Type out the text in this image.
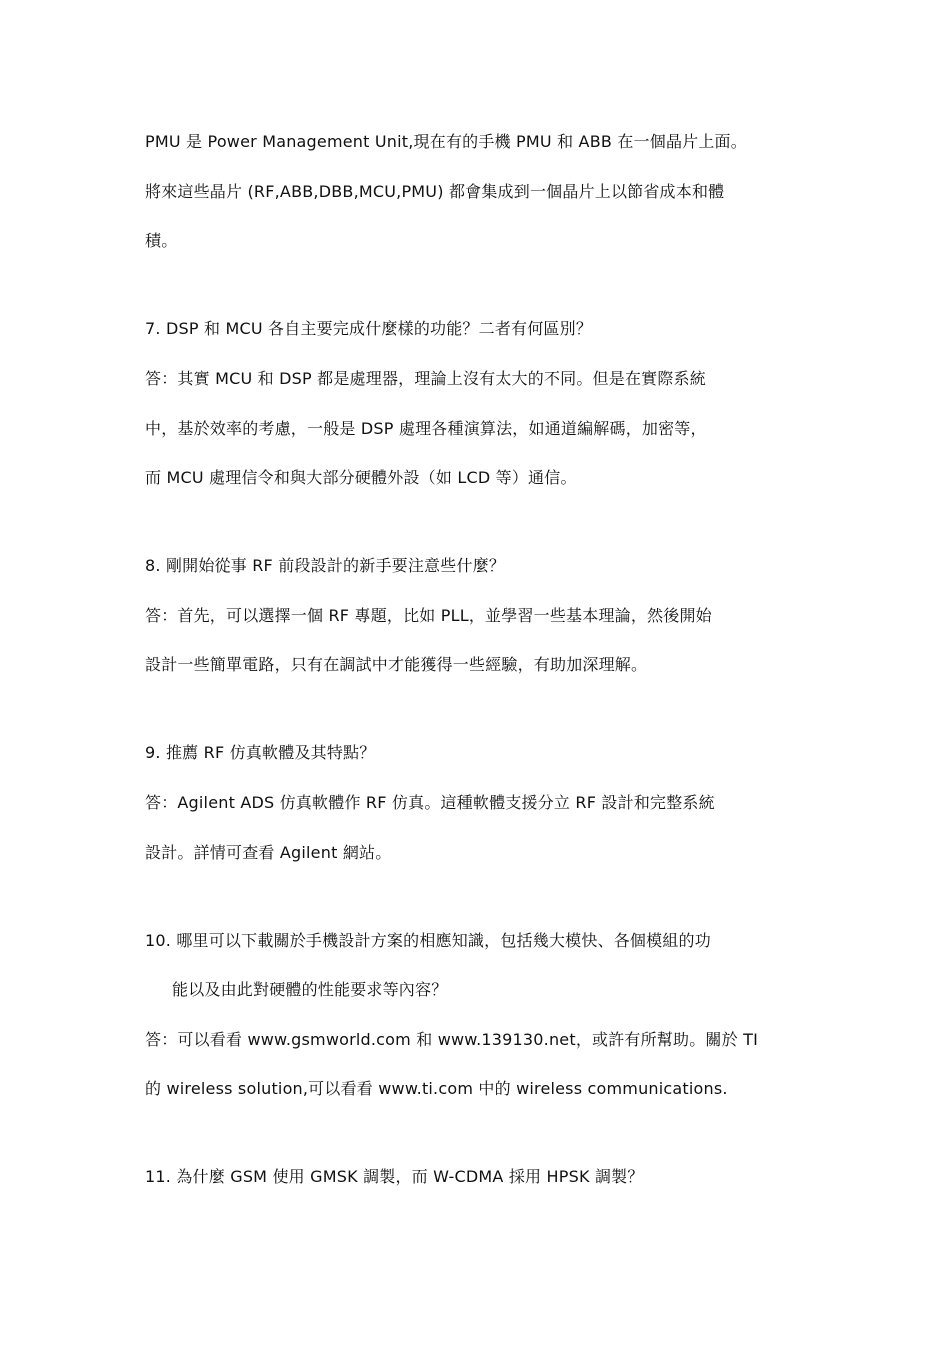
PMU 是 Power Management Unit,現在有的手機 PMU 和 ABB 在一個晶片上面。
將來這些晶片 (RF,ABB,DBB,MCU,PMU) 都會集成到一個晶片上以節省成本和體
積。
7. DSP 和 MCU 各自主要完成什麼樣的功能？二者有何區別？
答：其實 MCU 和 DSP 都是處理器，理論上沒有太大的不同。但是在實際系統
中，基於效率的考慮，一般是 DSP 處理各種演算法，如通道編解碼，加密等，
而 MCU 處理信令和與大部分硬體外設（如 LCD 等）通信。
8. 剛開始從事 RF 前段設計的新手要注意些什麼？
答：首先，可以選擇一個 RF 專題，比如 PLL，並學習一些基本理論，然後開始
設計一些簡單電路，只有在調試中才能獲得一些經驗，有助加深理解。
9. 推薦 RF 仿真軟體及其特點？
答：Agilent ADS 仿真軟體作 RF 仿真。這種軟體支援分立 RF 設計和完整系統
設計。詳情可查看 Agilent 網站。
10. 哪里可以下載關於手機設計方案的相應知識，包括幾大模快、各個模組的功
能以及由此對硬體的性能要求等內容？
答：可以看看 www.gsmworld.com 和 www.139130.net，或許有所幫助。關於 TI
的 wireless solution,可以看看 www.ti.com 中的 wireless communications.
11. 為什麼 GSM 使用 GMSK 調製，而 W-CDMA 採用 HPSK 調製？
